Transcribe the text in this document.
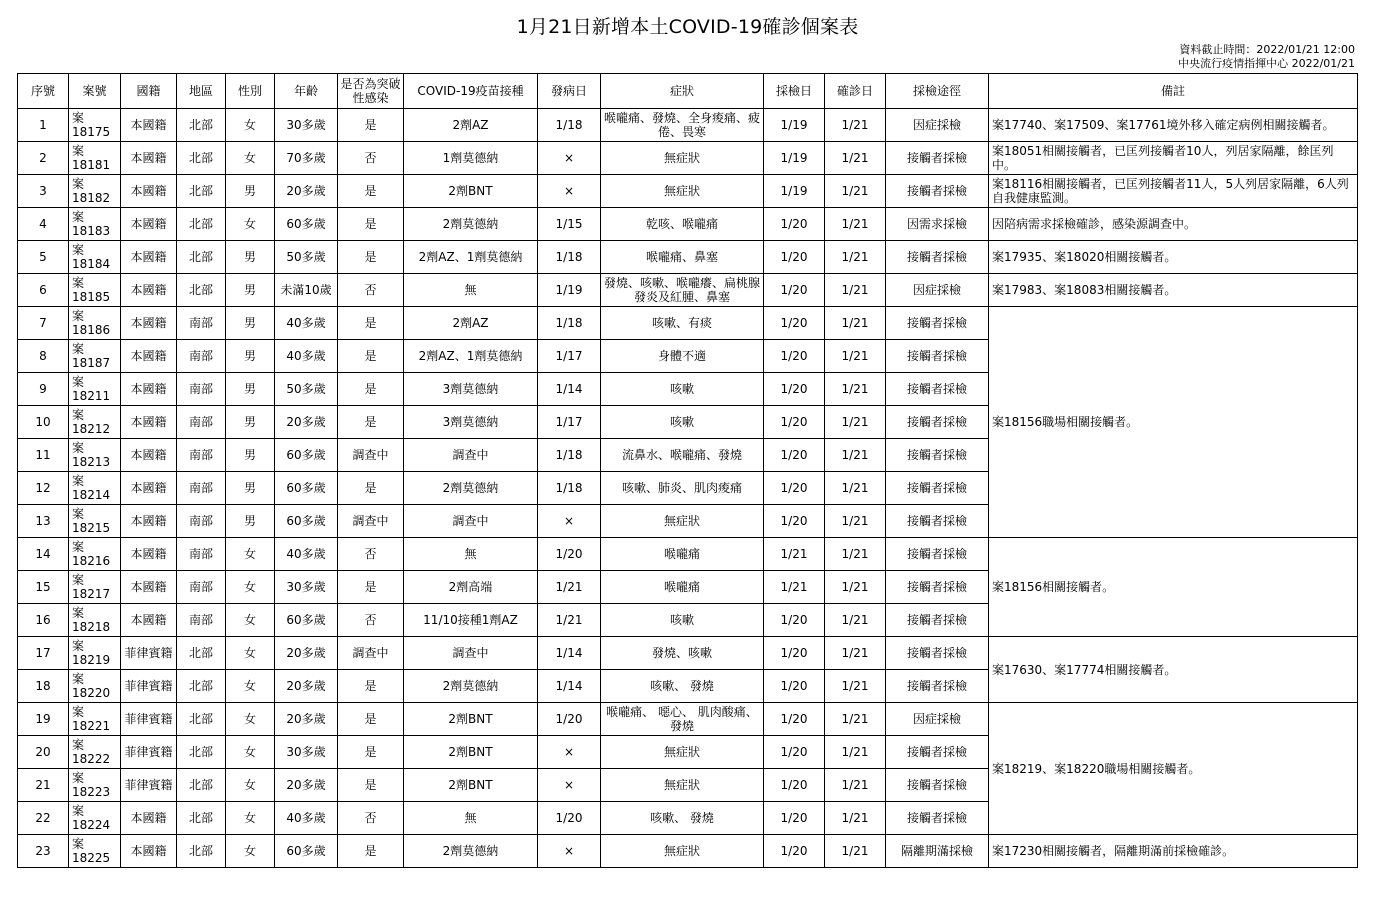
1月21日新增本土COVID-19確診個案表
資料截止時間：2022/01/21 12:00
中央流行疫情指揮中心 2022/01/21
序號	案號	國籍	地區	性別	年齡	是否為突破性感染	COVID-19疫苗接種	發病日	症狀	採檢日	確診日	採檢途徑	備註
1	案18175	本國籍	北部	女	30多歲	是	2劑AZ	1/18	喉嚨痛、發燒、全身痠痛、疲倦、畏寒	1/19	1/21	因症採檢	案17740、案17509、案17761境外移入確定病例相關接觸者。
2	案18181	本國籍	北部	女	70多歲	否	1劑莫德納	×	無症狀	1/19	1/21	接觸者採檢	案18051相關接觸者，已匡列接觸者10人，列居家隔離，餘匡列中。
3	案18182	本國籍	北部	男	20多歲	是	2劑BNT	×	無症狀	1/19	1/21	接觸者採檢	案18116相關接觸者，已匡列接觸者11人，5人列居家隔離，6人列自我健康監測。
4	案18183	本國籍	北部	女	60多歲	是	2劑莫德納	1/15	乾咳、喉嚨痛	1/20	1/21	因需求採檢	因陪病需求採檢確診，感染源調查中。
5	案18184	本國籍	北部	男	50多歲	是	2劑AZ、1劑莫德納	1/18	喉嚨痛、鼻塞	1/20	1/21	接觸者採檢	案17935、案18020相關接觸者。
6	案18185	本國籍	北部	男	未滿10歲	否	無	1/19	發燒、咳嗽、喉嚨癢、扁桃腺發炎及紅腫、鼻塞	1/20	1/21	因症採檢	案17983、案18083相關接觸者。
7	案18186	本國籍	南部	男	40多歲	是	2劑AZ	1/18	咳嗽、有痰	1/20	1/21	接觸者採檢	案18156職場相關接觸者。
8	案18187	本國籍	南部	男	40多歲	是	2劑AZ、1劑莫德納	1/17	身體不適	1/20	1/21	接觸者採檢	
9	案18211	本國籍	南部	男	50多歲	是	3劑莫德納	1/14	咳嗽	1/20	1/21	接觸者採檢	
10	案18212	本國籍	南部	男	20多歲	是	3劑莫德納	1/17	咳嗽	1/20	1/21	接觸者採檢	
11	案18213	本國籍	南部	男	60多歲	調查中	調查中	1/18	流鼻水、喉嚨痛、發燒	1/20	1/21	接觸者採檢	
12	案18214	本國籍	南部	男	60多歲	是	2劑莫德納	1/18	咳嗽、肺炎、肌肉痠痛	1/20	1/21	接觸者採檢	
13	案18215	本國籍	南部	男	60多歲	調查中	調查中	×	無症狀	1/20	1/21	接觸者採檢	
14	案18216	本國籍	南部	女	40多歲	否	無	1/20	喉嚨痛	1/21	1/21	接觸者採檢	案18156相關接觸者。
15	案18217	本國籍	南部	女	30多歲	是	2劑高端	1/21	喉嚨痛	1/21	1/21	接觸者採檢	
16	案18218	本國籍	南部	女	60多歲	否	11/10接種1劑AZ	1/21	咳嗽	1/20	1/21	接觸者採檢	
17	案18219	菲律賓籍	北部	女	20多歲	調查中	調查中	1/14	發燒、咳嗽	1/20	1/21	接觸者採檢	案17630、案17774相關接觸者。
18	案18220	菲律賓籍	北部	女	20多歲	是	2劑莫德納	1/14	咳嗽、 發燒	1/20	1/21	接觸者採檢	
19	案18221	菲律賓籍	北部	女	20多歲	是	2劑BNT	1/20	喉嚨痛、 噁心、 肌肉酸痛、 發燒	1/20	1/21	因症採檢	案18219、案18220職場相關接觸者。
20	案18222	菲律賓籍	北部	女	30多歲	是	2劑BNT	×	無症狀	1/20	1/21	接觸者採檢	
21	案18223	菲律賓籍	北部	女	20多歲	是	2劑BNT	×	無症狀	1/20	1/21	接觸者採檢	
22	案18224	本國籍	北部	女	40多歲	否	無	1/20	咳嗽、 發燒	1/20	1/21	接觸者採檢	
23	案18225	本國籍	北部	女	60多歲	是	2劑莫德納	×	無症狀	1/20	1/21	隔離期滿採檢	案17230相關接觸者，隔離期滿前採檢確診。
